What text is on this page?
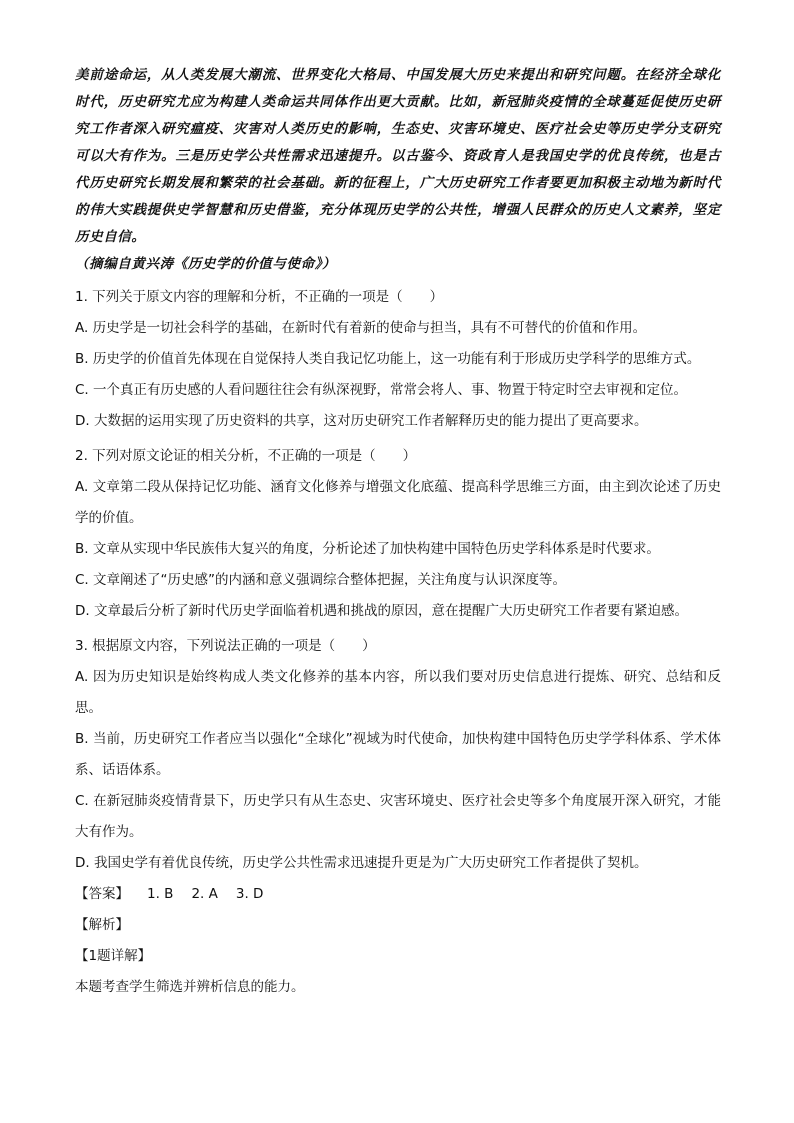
美前途命运，从人类发展大潮流、世界变化大格局、中国发展大历史来提出和研究问题。在经济全球化时代，历史研究尤应为构建人类命运共同体作出更大贡献。比如，新冠肺炎疫情的全球蔓延促使历史研究工作者深入研究瘟疫、灾害对人类历史的影响，生态史、灾害环境史、医疗社会史等历史学分支研究可以大有作为。三是历史学公共性需求迅速提升。以古鉴今、资政育人是我国史学的优良传统，也是古代历史研究长期发展和繁荣的社会基础。新的征程上，广大历史研究工作者要更加积极主动地为新时代的伟大实践提供史学智慧和历史借鉴，充分体现历史学的公共性，增强人民群众的历史人文素养，坚定历史自信。

（摘编自黄兴涛《历史学的价值与使命》）

1. 下列关于原文内容的理解和分析，不正确的一项是（　　）

A. 历史学是一切社会科学的基础，在新时代有着新的使命与担当，具有不可替代的价值和作用。

B. 历史学的价值首先体现在自觉保持人类自我记忆功能上，这一功能有利于形成历史学科学的思维方式。

C. 一个真正有历史感的人看问题往往会有纵深视野，常常会将人、事、物置于特定时空去审视和定位。

D. 大数据的运用实现了历史资料的共享，这对历史研究工作者解释历史的能力提出了更高要求。

2. 下列对原文论证的相关分析，不正确的一项是（　　）

A. 文章第二段从保持记忆功能、涵育文化修养与增强文化底蕴、提高科学思维三方面，由主到次论述了历史学的价值。

B. 文章从实现中华民族伟大复兴的角度，分析论述了加快构建中国特色历史学科体系是时代要求。

C. 文章阐述了“历史感”的内涵和意义强调综合整体把握，关注角度与认识深度等。

D. 文章最后分析了新时代历史学面临着机遇和挑战的原因，意在提醒广大历史研究工作者要有紧迫感。

3. 根据原文内容，下列说法正确的一项是（　　）

A. 因为历史知识是始终构成人类文化修养的基本内容，所以我们要对历史信息进行提炼、研究、总结和反思。

B. 当前，历史研究工作者应当以强化“全球化”视域为时代使命，加快构建中国特色历史学学科体系、学术体系、话语体系。

C. 在新冠肺炎疫情背景下，历史学只有从生态史、灾害环境史、医疗社会史等多个角度展开深入研究，才能大有作为。

D. 我国史学有着优良传统，历史学公共性需求迅速提升更是为广大历史研究工作者提供了契机。

【答案】 1. B 2. A 3. D

【解析】

【1题详解】

本题考查学生筛选并辨析信息的能力。
